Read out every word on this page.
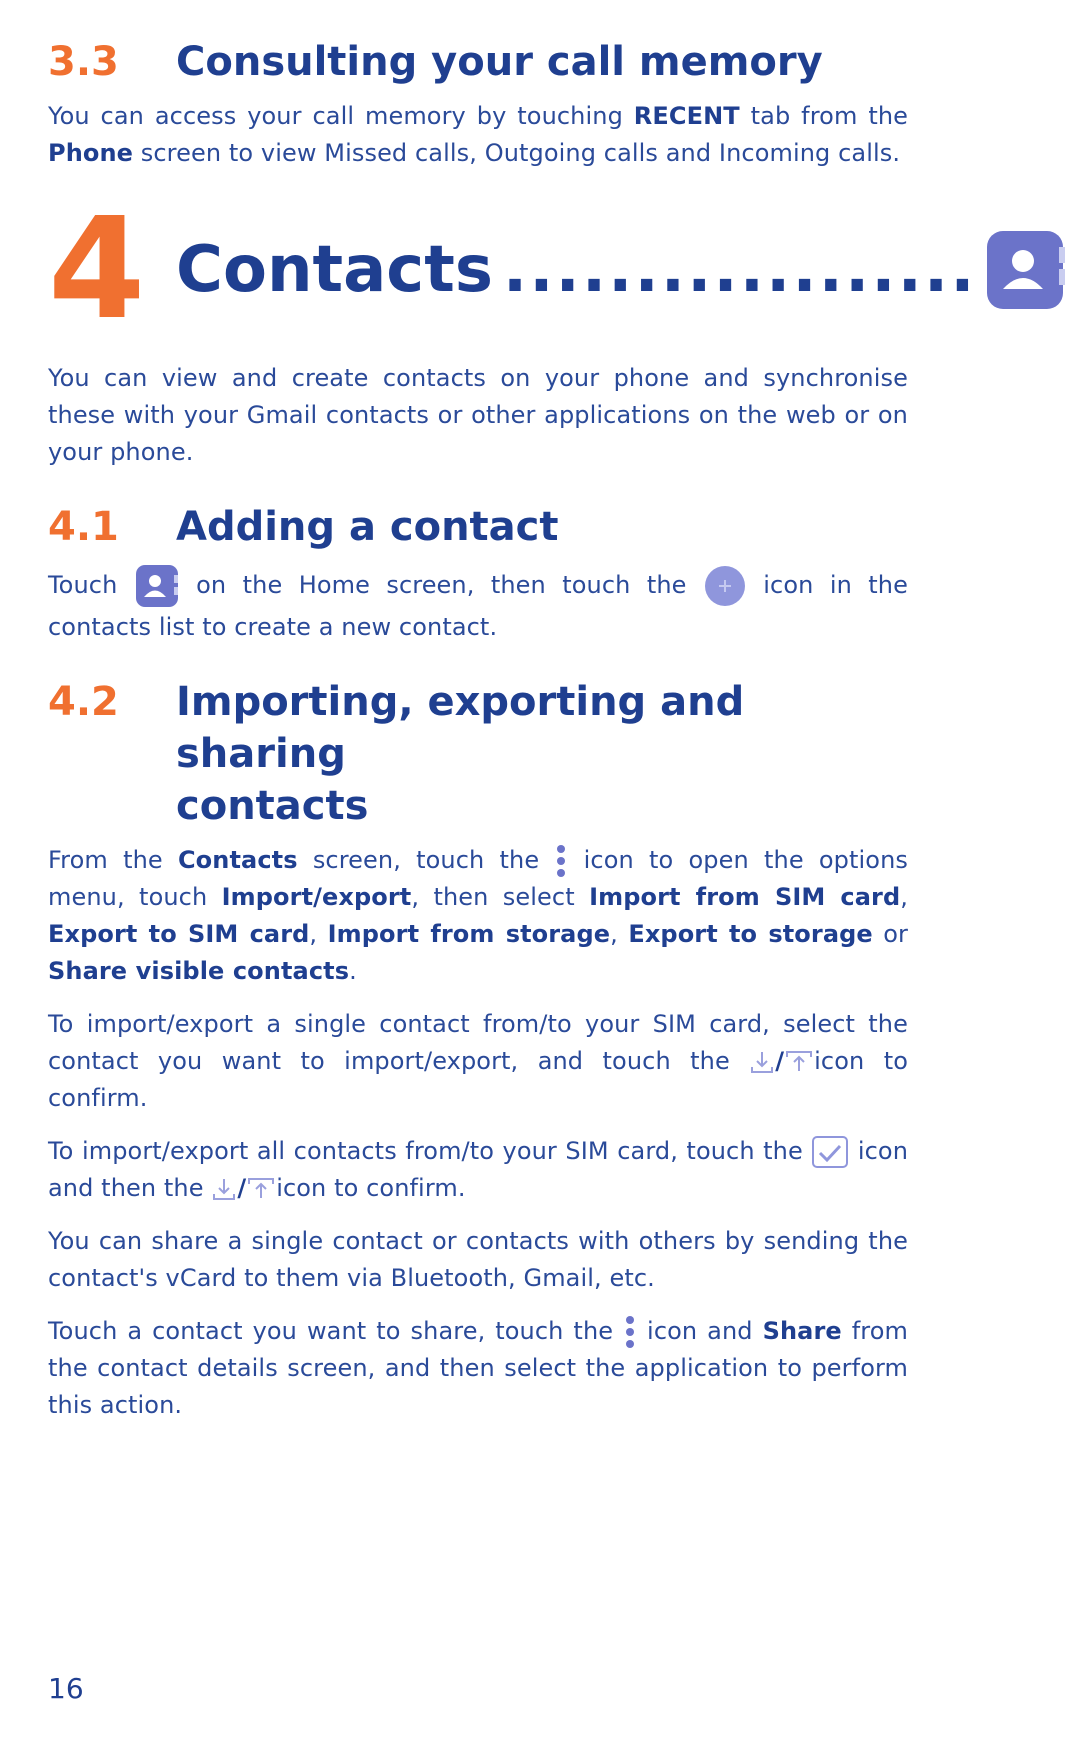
3.3	Consulting your call memory

You can access your call memory by touching RECENT tab from the Phone screen to view Missed calls, Outgoing calls and Incoming calls.

4 Contacts ..................

You can view and create contacts on your phone and synchronise these with your Gmail contacts or other applications on the web or on your phone.

4.1	Adding a contact

Touch  on the Home screen, then touch the  icon in the contacts list to create a new contact.

4.2	Importing, exporting and sharing
contacts

From the Contacts screen, touch the  icon to open the options menu, touch Import/export, then select Import from SIM card, Export to SIM card, Import from storage, Export to storage or Share visible contacts.

To import/export a single contact from/to your SIM card, select the contact you want to import/export, and touch the / icon to confirm.

To import/export all contacts from/to your SIM card, touch the  icon and then the / icon to confirm.

You can share a single contact or contacts with others by sending the contact's vCard to them via Bluetooth, Gmail, etc.

Touch a contact you want to share, touch the  icon and Share from the contact details screen, and then select the application to perform this action.

16
